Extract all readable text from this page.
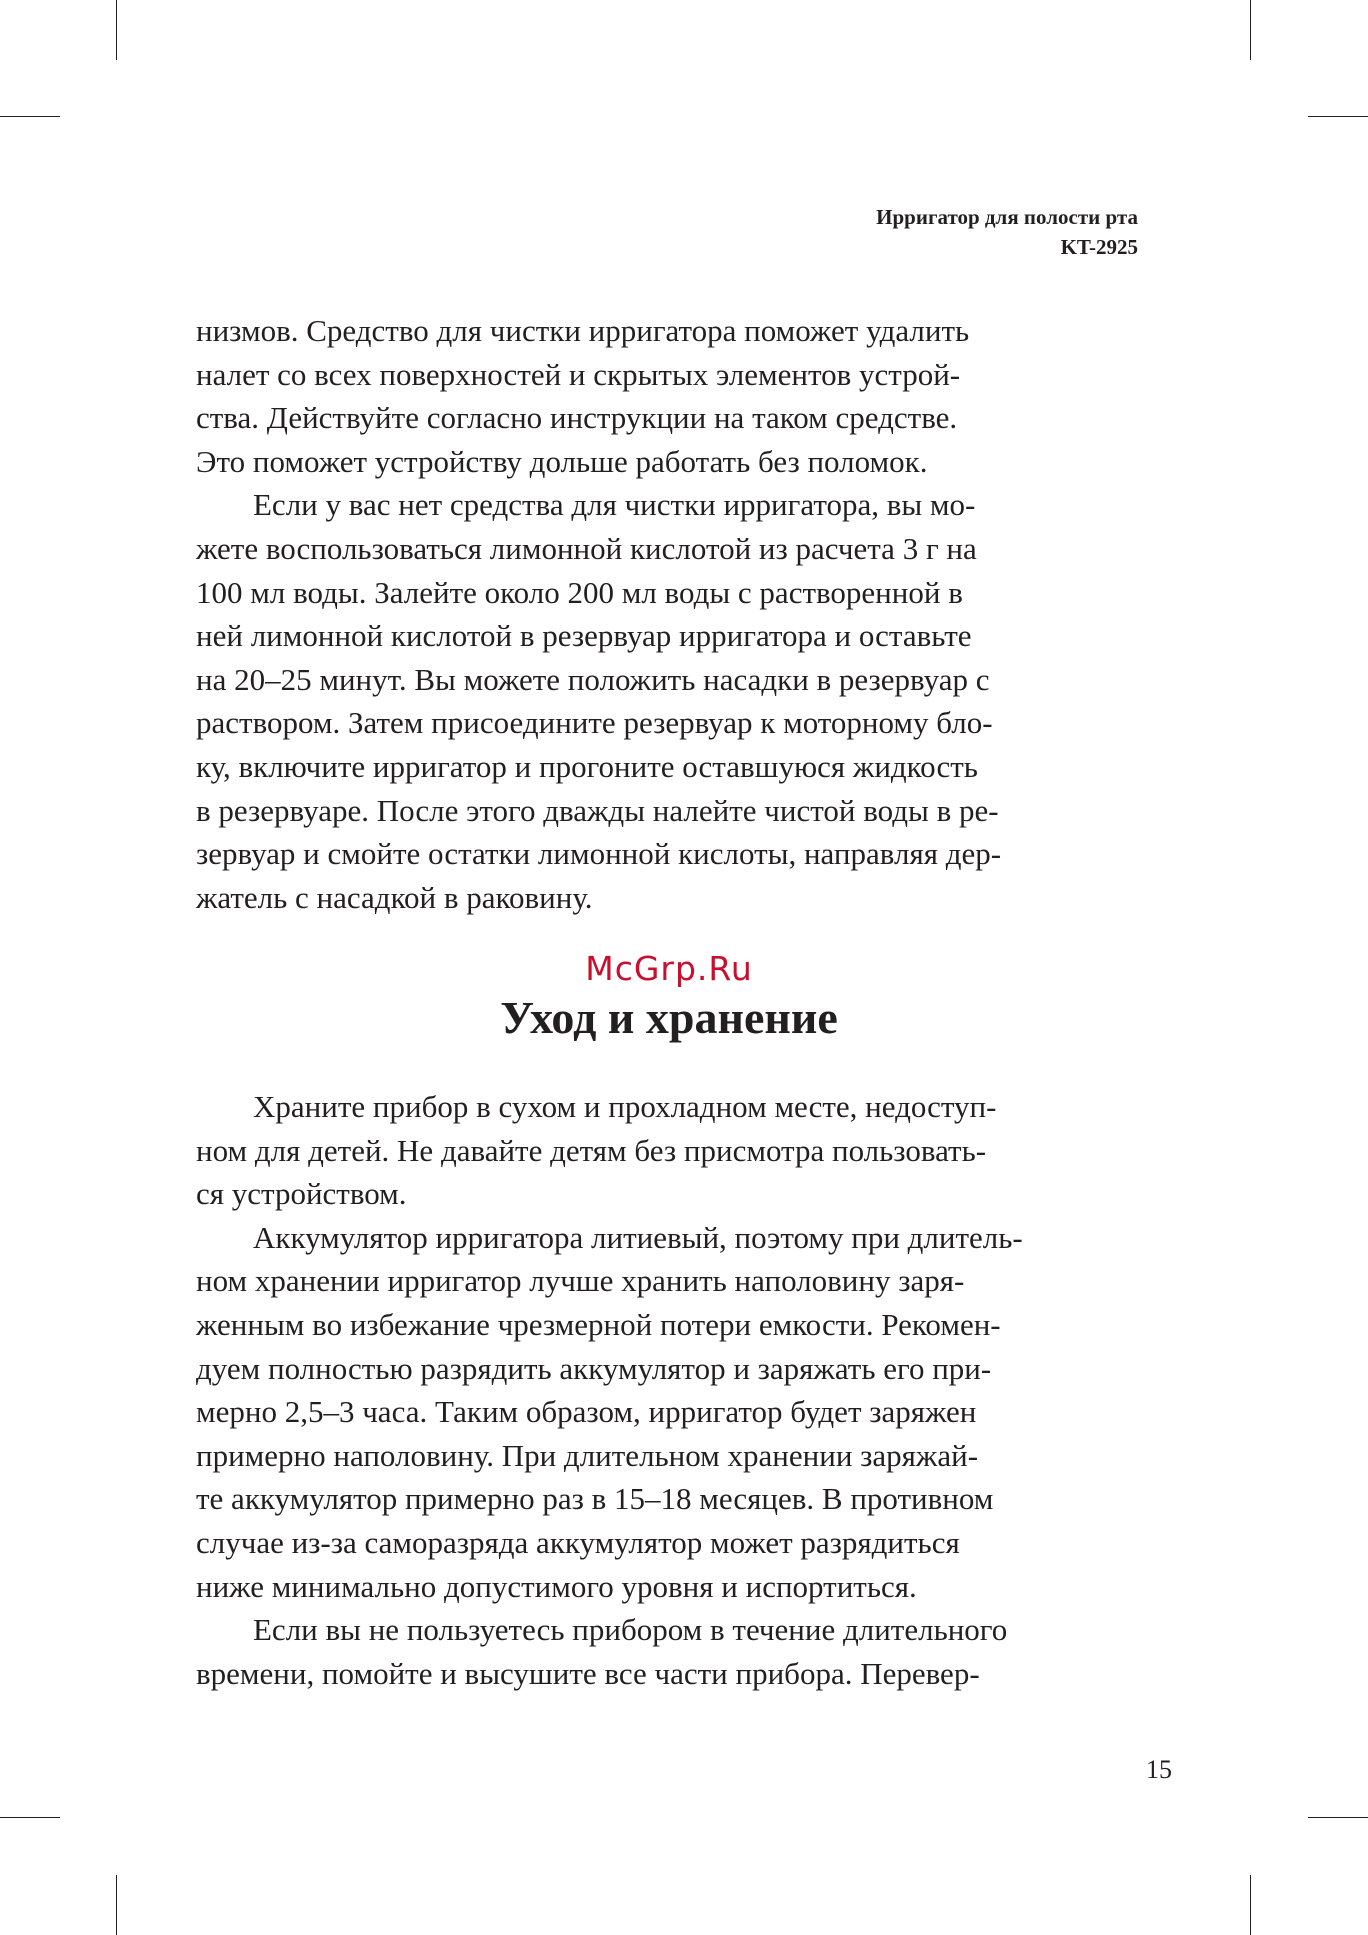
Ирригатор для полости рта
KT-2925

низмов. Средство для чистки ирригатора поможет удалить

налет со всех поверхностей и скрытых элементов устрой-

ства. Действуйте согласно инструкции на таком средстве.

Это поможет устройству дольше работать без поломок.

Если у вас нет средства для чистки ирригатора, вы мо-

жете воспользоваться лимонной кислотой из расчета 3 г на

100 мл воды. Залейте около 200 мл воды с растворенной в

ней лимонной кислотой в резервуар ирригатора и оставьте

на 20–25 минут. Вы можете положить насадки в резервуар с

раствором. Затем присоедините резервуар к моторному бло-

ку, включите ирригатор и прогоните оставшуюся жидкость

в резервуаре. После этого дважды налейте чистой воды в ре-

зервуар и смойте остатки лимонной кислоты, направляя дер-

жатель с насадкой в раковину.

McGrp.Ru
Уход и хранение

Храните прибор в сухом и прохладном месте, недоступ-

ном для детей. Не давайте детям без присмотра пользовать-

ся устройством.

Аккумулятор ирригатора литиевый, поэтому при длитель-

ном хранении ирригатор лучше хранить наполовину заря-

женным во избежание чрезмерной потери емкости. Рекомен-

дуем полностью разрядить аккумулятор и заряжать его при-

мерно 2,5–3 часа. Таким образом, ирригатор будет заряжен

примерно наполовину. При длительном хранении заряжай-

те аккумулятор примерно раз в 15–18 месяцев. В противном

случае из-за саморазряда аккумулятор может разрядиться

ниже минимально допустимого уровня и испортиться.

Если вы не пользуетесь прибором в течение длительного

времени, помойте и высушите все части прибора. Перевер-

15
